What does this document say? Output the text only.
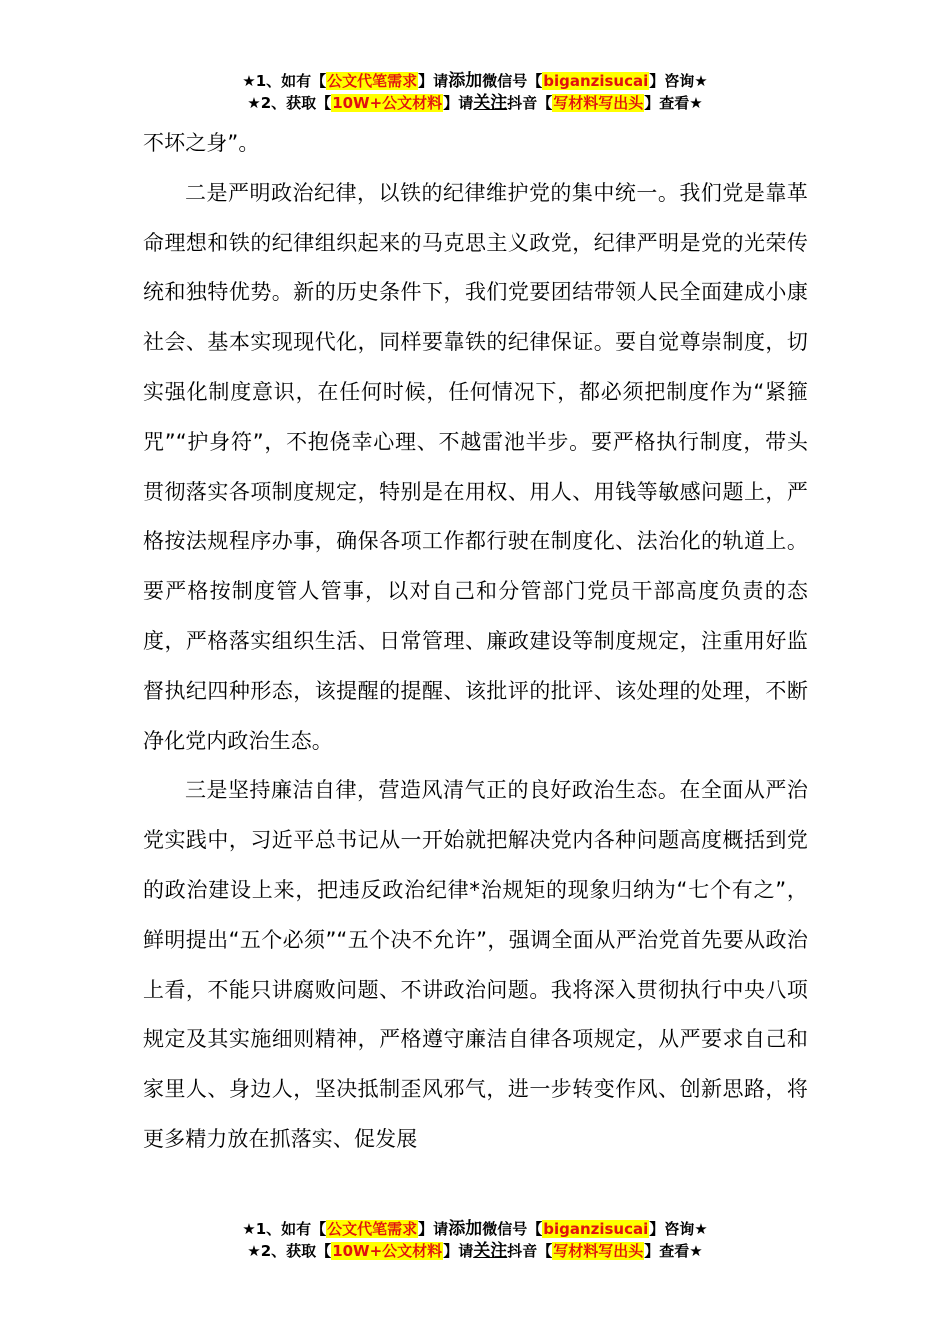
★1、如有【公文代笔需求】请添加微信号【biganzisucai】咨询★
★2、获取【10W+公文材料】请关注抖音【写材料写出头】查看★

不坏之身”。

二是严明政治纪律，以铁的纪律维护党的集中统一。我们党是靠革命理想和铁的纪律组织起来的马克思主义政党，纪律严明是党的光荣传统和独特优势。新的历史条件下，我们党要团结带领人民全面建成小康社会、基本实现现代化，同样要靠铁的纪律保证。要自觉尊崇制度，切实强化制度意识，在任何时候，任何情况下，都必须把制度作为“紧箍咒”“护身符”，不抱侥幸心理、不越雷池半步。要严格执行制度，带头贯彻落实各项制度规定，特别是在用权、用人、用钱等敏感问题上，严格按法规程序办事，确保各项工作都行驶在制度化、法治化的轨道上。要严格按制度管人管事，以对自己和分管部门党员干部高度负责的态度，严格落实组织生活、日常管理、廉政建设等制度规定，注重用好监督执纪四种形态，该提醒的提醒、该批评的批评、该处理的处理，不断净化党内政治生态。

三是坚持廉洁自律，营造风清气正的良好政治生态。在全面从严治党实践中，习近平总书记从一开始就把解决党内各种问题高度概括到党的政治建设上来，把违反政治纪律*治规矩的现象归纳为“七个有之”，鲜明提出“五个必须”“五个决不允许”，强调全面从严治党首先要从政治上看，不能只讲腐败问题、不讲政治问题。我将深入贯彻执行中央八项规定及其实施细则精神，严格遵守廉洁自律各项规定，从严要求自己和家里人、身边人，坚决抵制歪风邪气，进一步转变作风、创新思路，将更多精力放在抓落实、促发展

★1、如有【公文代笔需求】请添加微信号【biganzisucai】咨询★
★2、获取【10W+公文材料】请关注抖音【写材料写出头】查看★
